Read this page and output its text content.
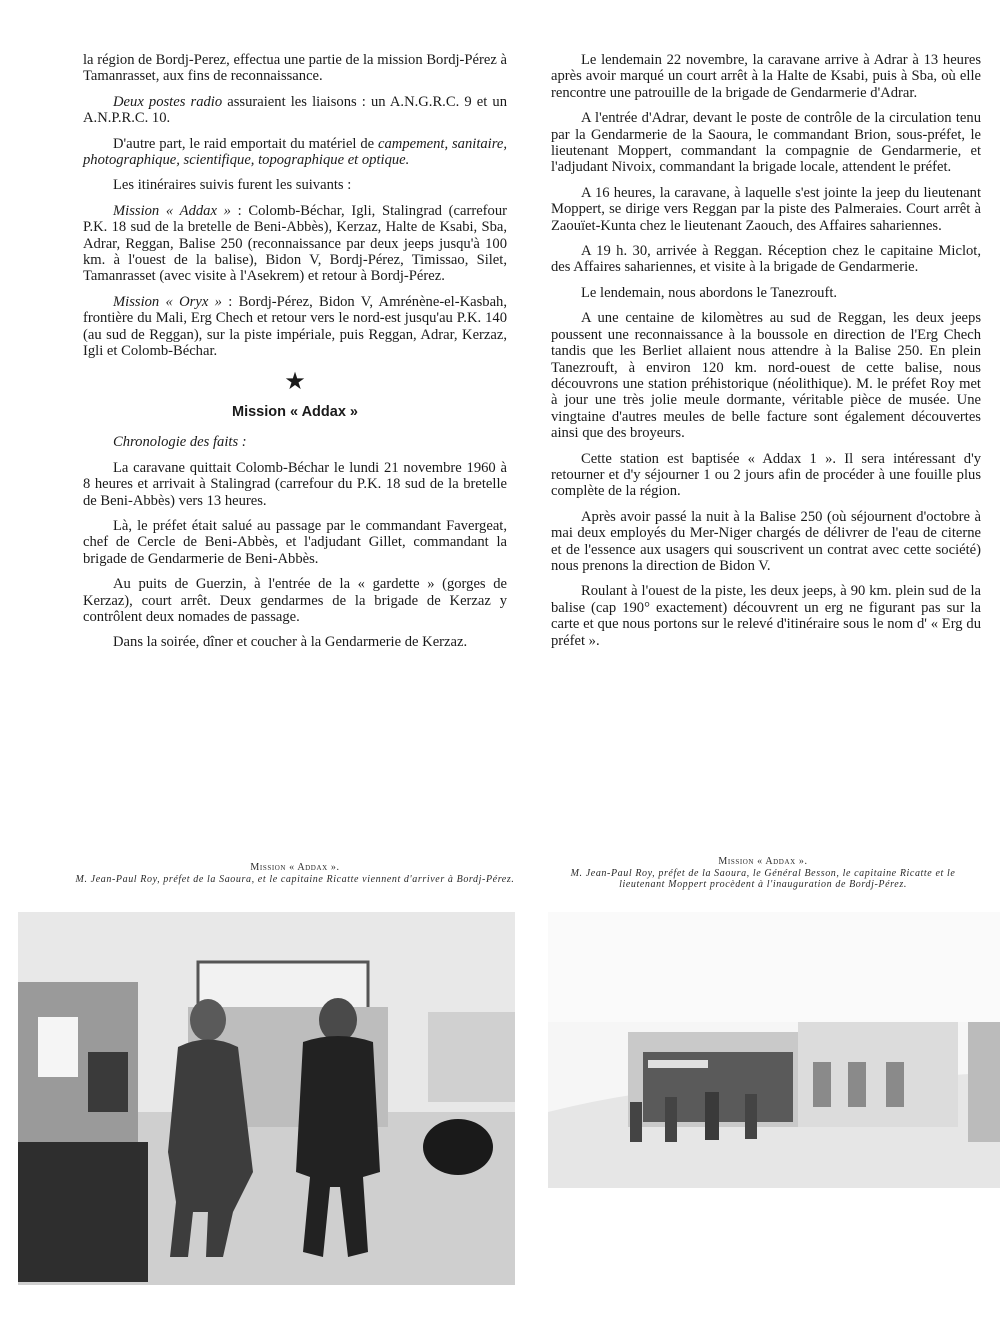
la région de Bordj-Perez, effectua une partie de la mission Bordj-Pérez à Tamanrasset, aux fins de reconnaissance.

Deux postes radio assuraient les liaisons : un A.N.G.R.C. 9 et un A.N.P.R.C. 10.

D'autre part, le raid emportait du matériel de campement, sanitaire, photographique, scientifique, topographique et optique.

Les itinéraires suivis furent les suivants :

Mission « Addax » : Colomb-Béchar, Igli, Stalingrad (carrefour P.K. 18 sud de la bretelle de Beni-Abbès), Kerzaz, Halte de Ksabi, Sba, Adrar, Reggan, Balise 250 (reconnaissance par deux jeeps jusqu'à 100 km. à l'ouest de la balise), Bidon V, Bordj-Pérez, Timissao, Silet, Tamanrasset (avec visite à l'Asekrem) et retour à Bordj-Pérez.

Mission « Oryx » : Bordj-Pérez, Bidon V, Amrénène-el-Kasbah, frontière du Mali, Erg Chech et retour vers le nord-est jusqu'au P.K. 140 (au sud de Reggan), sur la piste impériale, puis Reggan, Adrar, Kerzaz, Igli et Colomb-Béchar.

★
Mission « Addax »

Chronologie des faits :

La caravane quittait Colomb-Béchar le lundi 21 novembre 1960 à 8 heures et arrivait à Stalingrad (carrefour du P.K. 18 sud de la bretelle de Beni-Abbès) vers 13 heures.

Là, le préfet était salué au passage par le commandant Favergeat, chef de Cercle de Beni-Abbès, et l'adjudant Gillet, commandant la brigade de Gendarmerie de Beni-Abbès.

Au puits de Guerzin, à l'entrée de la « gardette » (gorges de Kerzaz), court arrêt. Deux gendarmes de la brigade de Kerzaz y contrôlent deux nomades de passage.

Dans la soirée, dîner et coucher à la Gendarmerie de Kerzaz.

Le lendemain 22 novembre, la caravane arrive à Adrar à 13 heures après avoir marqué un court arrêt à la Halte de Ksabi, puis à Sba, où elle rencontre une patrouille de la brigade de Gendarmerie d'Adrar.

A l'entrée d'Adrar, devant le poste de contrôle de la circulation tenu par la Gendarmerie de la Saoura, le commandant Brion, sous-préfet, le lieutenant Moppert, commandant la compagnie de Gendarmerie, et l'adjudant Nivoix, commandant la brigade locale, attendent le préfet.

A 16 heures, la caravane, à laquelle s'est jointe la jeep du lieutenant Moppert, se dirige vers Reggan par la piste des Palmeraies. Court arrêt à Zaouïet-Kunta chez le lieutenant Zaouch, des Affaires sahariennes.

A 19 h. 30, arrivée à Reggan. Réception chez le capitaine Miclot, des Affaires sahariennes, et visite à la brigade de Gendarmerie.

Le lendemain, nous abordons le Tanezrouft.

A une centaine de kilomètres au sud de Reggan, les deux jeeps poussent une reconnaissance à la boussole en direction de l'Erg Chech tandis que les Berliet allaient nous attendre à la Balise 250. En plein Tanezrouft, à environ 120 km. nord-ouest de cette balise, nous découvrons une station préhistorique (néolithique). M. le préfet Roy met à jour une très jolie meule dormante, véritable pièce de musée. Une vingtaine d'autres meules de belle facture sont également découvertes ainsi que des broyeurs.

Cette station est baptisée « Addax 1 ». Il sera intéressant d'y retourner et d'y séjourner 1 ou 2 jours afin de procéder à une fouille plus complète de la région.

Après avoir passé la nuit à la Balise 250 (où séjournent d'octobre à mai deux employés du Mer-Niger chargés de délivrer de l'eau de citerne et de l'essence aux usagers qui souscrivent un contrat avec cette société) nous prenons la direction de Bidon V.

Roulant à l'ouest de la piste, les deux jeeps, à 90 km. plein sud de la balise (cap 190° exactement) découvrent un erg ne figurant pas sur la carte et que nous portons sur le relevé d'itinéraire sous le nom d' « Erg du préfet ».

Mission « Addax ».
M. Jean-Paul Roy, préfet de la Saoura, et le capitaine Ricatte viennent d'arriver à Bordj-Pérez.
Mission « Addax ».
M. Jean-Paul Roy, préfet de la Saoura, le Général Besson, le capitaine Ricatte et le lieutenant Moppert procèdent à l'inauguration de Bordj-Pérez.
